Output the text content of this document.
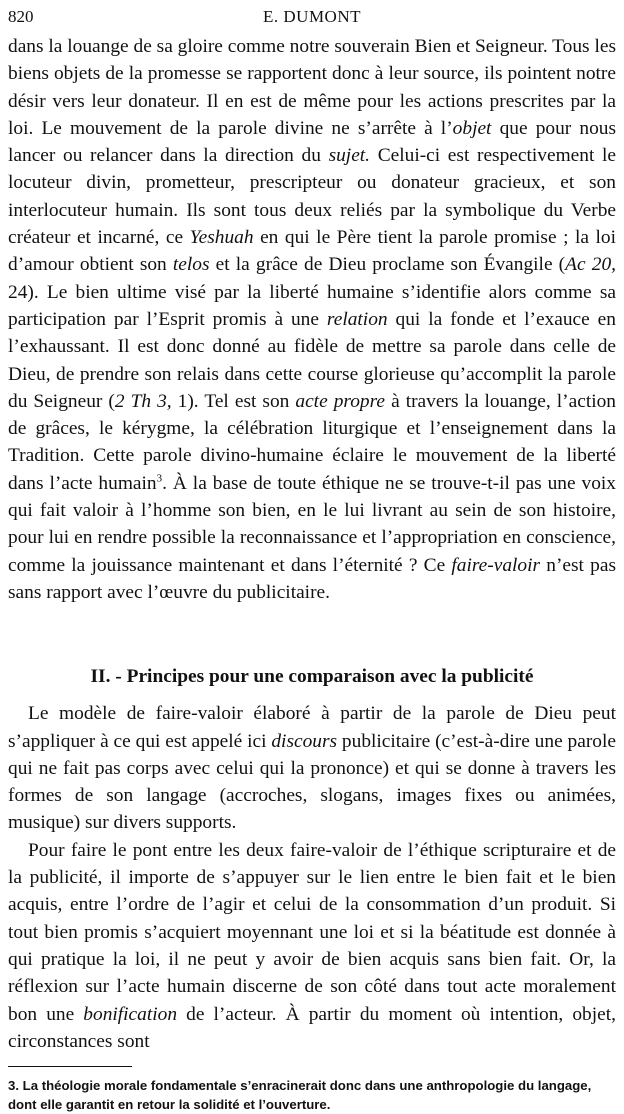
820	E. DUMONT

dans la louange de sa gloire comme notre souverain Bien et Seigneur. Tous les biens objets de la promesse se rapportent donc à leur source, ils pointent notre désir vers leur donateur. Il en est de même pour les actions prescrites par la loi. Le mouvement de la parole divine ne s’arrête à l’objet que pour nous lancer ou relancer dans la direction du sujet. Celui-ci est respectivement le locuteur divin, prometteur, prescripteur ou donateur gracieux, et son interlocuteur humain. Ils sont tous deux reliés par la symbolique du Verbe créateur et incarné, ce Yeshuah en qui le Père tient la parole promise ; la loi d’amour obtient son telos et la grâce de Dieu proclame son Évangile (Ac 20, 24). Le bien ultime visé par la liberté humaine s’identifie alors comme sa participation par l’Esprit promis à une relation qui la fonde et l’exauce en l’exhaussant. Il est donc donné au fidèle de mettre sa parole dans celle de Dieu, de prendre son relais dans cette course glorieuse qu’accomplit la parole du Seigneur (2 Th 3, 1). Tel est son acte propre à travers la louange, l’action de grâces, le kérygme, la célébration liturgique et l’enseignement dans la Tradition. Cette parole divino-humaine éclaire le mouvement de la liberté dans l’acte humain$^3$. À la base de toute éthique ne se trouve-t-il pas une voix qui fait valoir à l’homme son bien, en le lui livrant au sein de son histoire, pour lui en rendre possible la reconnaissance et l’appropriation en conscience, comme la jouissance maintenant et dans l’éternité ? Ce faire-valoir n’est pas sans rapport avec l’œuvre du publicitaire.

II. - Principes pour une comparaison avec la publicité

Le modèle de faire-valoir élaboré à partir de la parole de Dieu peut s’appliquer à ce qui est appelé ici discours publicitaire (c’est-à-dire une parole qui ne fait pas corps avec celui qui la prononce) et qui se donne à travers les formes de son langage (accroches, slogans, images fixes ou animées, musique) sur divers supports.

Pour faire le pont entre les deux faire-valoir de l’éthique scripturaire et de la publicité, il importe de s’appuyer sur le lien entre le bien fait et le bien acquis, entre l’ordre de l’agir et celui de la consommation d’un produit. Si tout bien promis s’acquiert moyennant une loi et si la béatitude est donnée à qui pratique la loi, il ne peut y avoir de bien acquis sans bien fait. Or, la réflexion sur l’acte humain discerne de son côté dans tout acte moralement bon une bonification de l’acteur. À partir du moment où intention, objet, circonstances sont

3. La théologie morale fondamentale s’enracinerait donc dans une anthropologie du langage, dont elle garantit en retour la solidité et l’ouverture.
